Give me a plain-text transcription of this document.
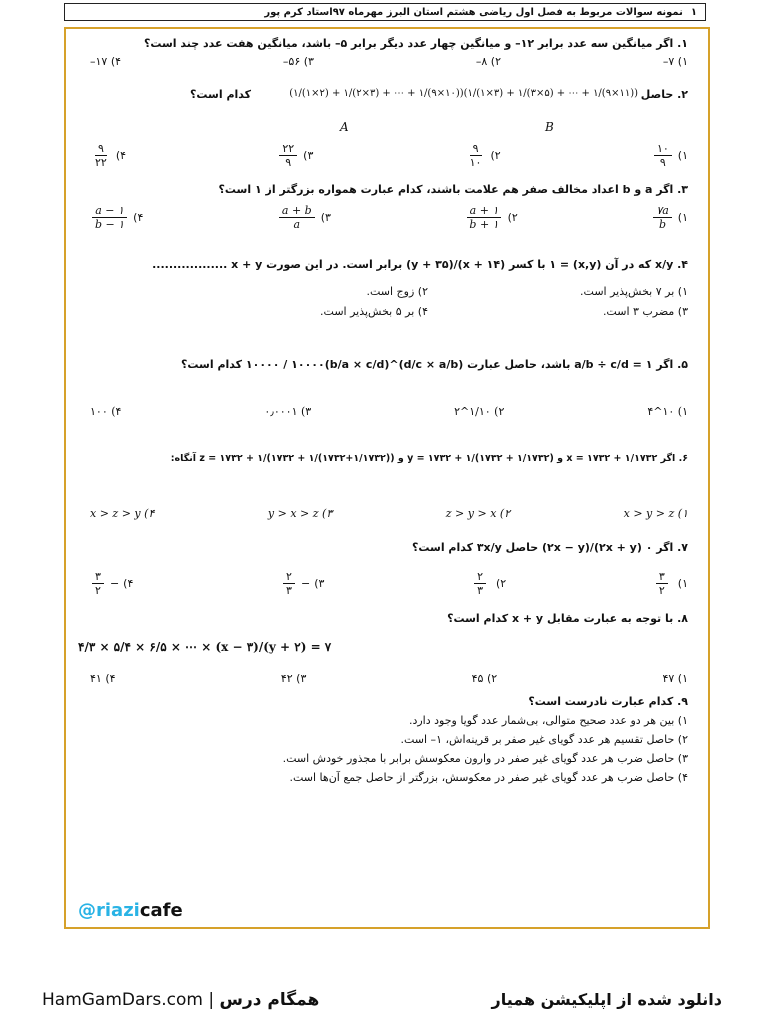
۱
نمونه سوالات مربوط به فصل اول ریاضی هشتم استان البرز مهرماه ۹۷
استاد کرم پور
۱. اگر میانگین سه عدد برابر ۱۲– و میانگین چهار عدد دیگر برابر ۵– باشد، میانگین هفت عدد چند است؟
۱) ۷–
۲) ۸–
۳) ۵۶–
۴) ۱۷–
۲. حاصل
(۱/(۱×۲) + ۱/(۲×۳) + ⋯ + ۱/(۹×۱۰))(۱/(۱×۳) + ۱/(۳×۵) + ⋯ + ۱/(۹×۱۱))
کدام است؟
A	B
۱)
$\frac{۱۰}{۹}$
۲)
$\frac{۹}{۱۰}$
۳)
$\frac{۲۲}{۹}$
۴)
$\frac{۹}{۲۲}$
۳. اگر a و b اعداد مخالف صفر هم علامت باشند، کدام عبارت همواره بزرگتر از ۱ است؟
۱)
$\frac{۷a}{b}$
۲)
$\frac{a + ۱}{b + ۱}$
۳)
$\frac{a + b}{a}$
۴)
$\frac{a - ۱}{b - ۱}$
۴. x/y که در آن (x,y) = ۱ با کسر (x + ۱۴)/(y + ۳۵) برابر است. در این صورت x + y ..................
۱) بر ۷ بخش‌پذیر است.
۲) زوج است.
۳) مضرب ۳ است.
۴) بر ۵ بخش‌پذیر است.
۵. اگر a/b ÷ c/d = ۱ باشد، حاصل عبارت (d/c × a/b)^۱۰۰۰۰ / ۱۰۰۰۰(b/a × c/d) کدام است؟
۱) ۱۰^۴
۲) ۱/۱۰^۲
۳) ۰٫۰۰۰۱
۴) ۱۰۰
۶. اگر x = ۱۷۳۲ + ۱/۱۷۳۲ و y = ۱۷۳۲ + ۱/(۱۷۳۲ + ۱/۱۷۳۲) و z = ۱۷۳۲ + ۱/(۱۷۳۲ + ۱/(۱۷۳۲+۱/۱۷۳۲)) آنگاه:
۱) x > y > z
۲) z > y > x
۳) y > x > z
۴) x > z > y
۷. اگر ۰ (۲x + y)/(۲x − y) حاصل ۳x/y کدام است؟
۱)
$\frac{۳}{۲}$
۲)
$\frac{۲}{۳}$
۳)
−
$\frac{۲}{۳}$
۴)
−
$\frac{۳}{۲}$
۸. با توجه به عبارت مقابل x + y کدام است؟
۴/۳ × ۵/۴ × ۶/۵ × ⋯ × (x − ۳)/(y + ۲) = ۷
۱) ۴۷
۲) ۴۵
۳) ۴۲
۴) ۴۱
۹. کدام عبارت نادرست است؟
۱) بین هر دو عدد صحیح متوالی، بی‌شمار عدد گویا وجود دارد.
۲) حاصل تقسیم هر عدد گویای غیر صفر بر قرینه‌اش، ۱– است.
۳) حاصل ضرب هر عدد گویای غیر صفر در وارون معکوسش برابر با مجذور خودش است.
۴) حاصل ضرب هر عدد گویای غیر صفر در معکوسش، بزرگتر از حاصل جمع آن‌ها است.
@riazicafe
HamGamDars.com | همگام درس	دانلود شده از اپلیکیشن همیار
